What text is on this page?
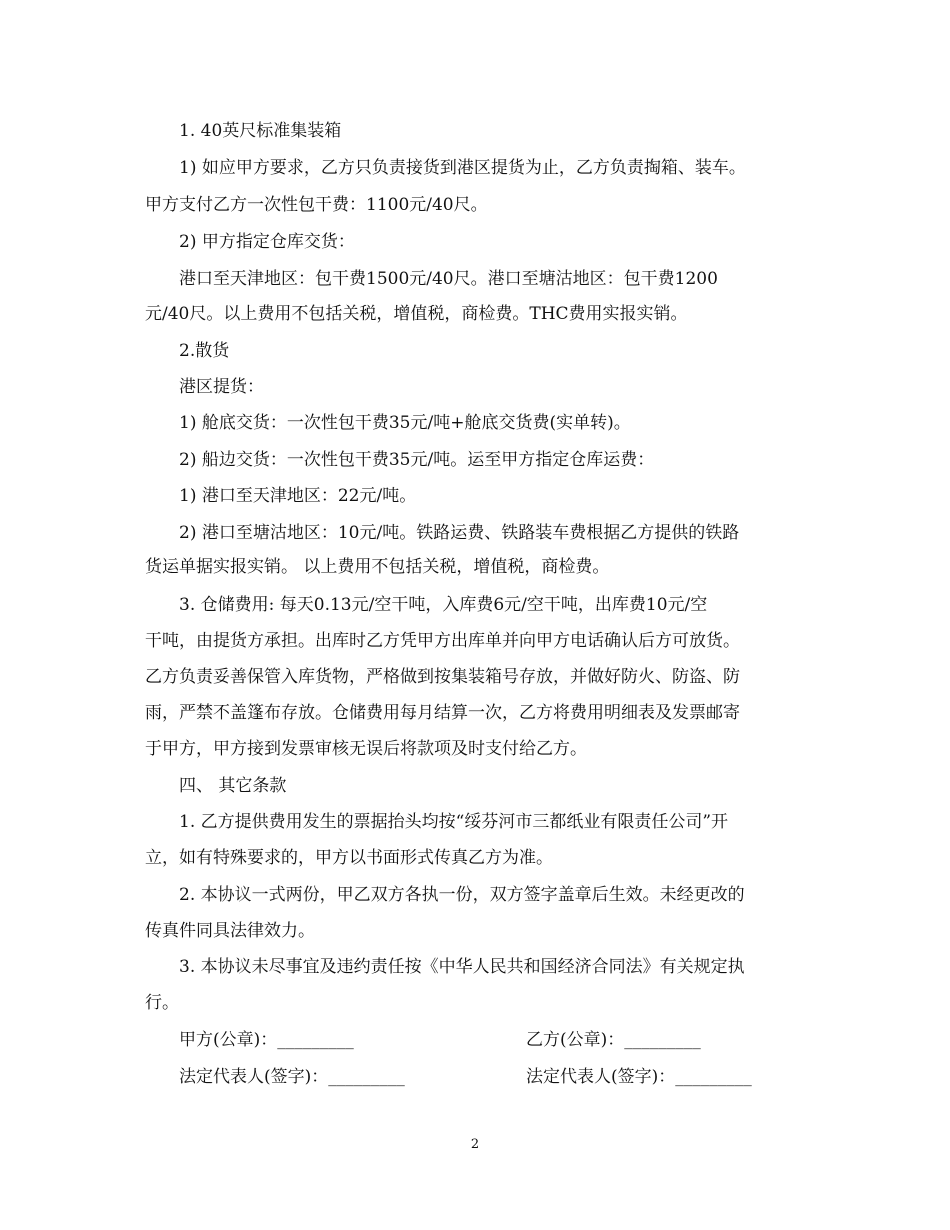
1. 40英尺标准集装箱
1) 如应甲方要求，乙方只负责接货到港区提货为止，乙方负责掏箱、装车。
甲方支付乙方一次性包干费：1100元/40尺。
2) 甲方指定仓库交货：
港口至天津地区：包干费1500元/40尺。港口至塘沽地区：包干费1200
元/40尺。以上费用不包括关税，增值税，商检费。THC费用实报实销。
2.散货
港区提货：
1) 舱底交货：一次性包干费35元/吨+舱底交货费(实单转)。
2) 船边交货：一次性包干费35元/吨。运至甲方指定仓库运费：
1) 港口至天津地区：22元/吨。
2) 港口至塘沽地区：10元/吨。铁路运费、铁路装车费根据乙方提供的铁路
货运单据实报实销。 以上费用不包括关税，增值税，商检费。
3. 仓储费用: 每天0.13元/空干吨，入库费6元/空干吨，出库费10元/空
干吨，由提货方承担。出库时乙方凭甲方出库单并向甲方电话确认后方可放货。
乙方负责妥善保管入库货物，严格做到按集装箱号存放，并做好防火、防盗、防
雨，严禁不盖篷布存放。仓储费用每月结算一次，乙方将费用明细表及发票邮寄
于甲方，甲方接到发票审核无误后将款项及时支付给乙方。
四、 其它条款
1. 乙方提供费用发生的票据抬头均按“绥芬河市三都纸业有限责任公司”开
立，如有特殊要求的，甲方以书面形式传真乙方为准。
2. 本协议一式两份，甲乙双方各执一份，双方签字盖章后生效。未经更改的
传真件同具法律效力。
3. 本协议未尽事宜及违约责任按《中华人民共和国经济合同法》有关规定执
行。
甲方(公章)：_________	乙方(公章)：_________
法定代表人(签字)：_________	法定代表人(签字)：_________
2
